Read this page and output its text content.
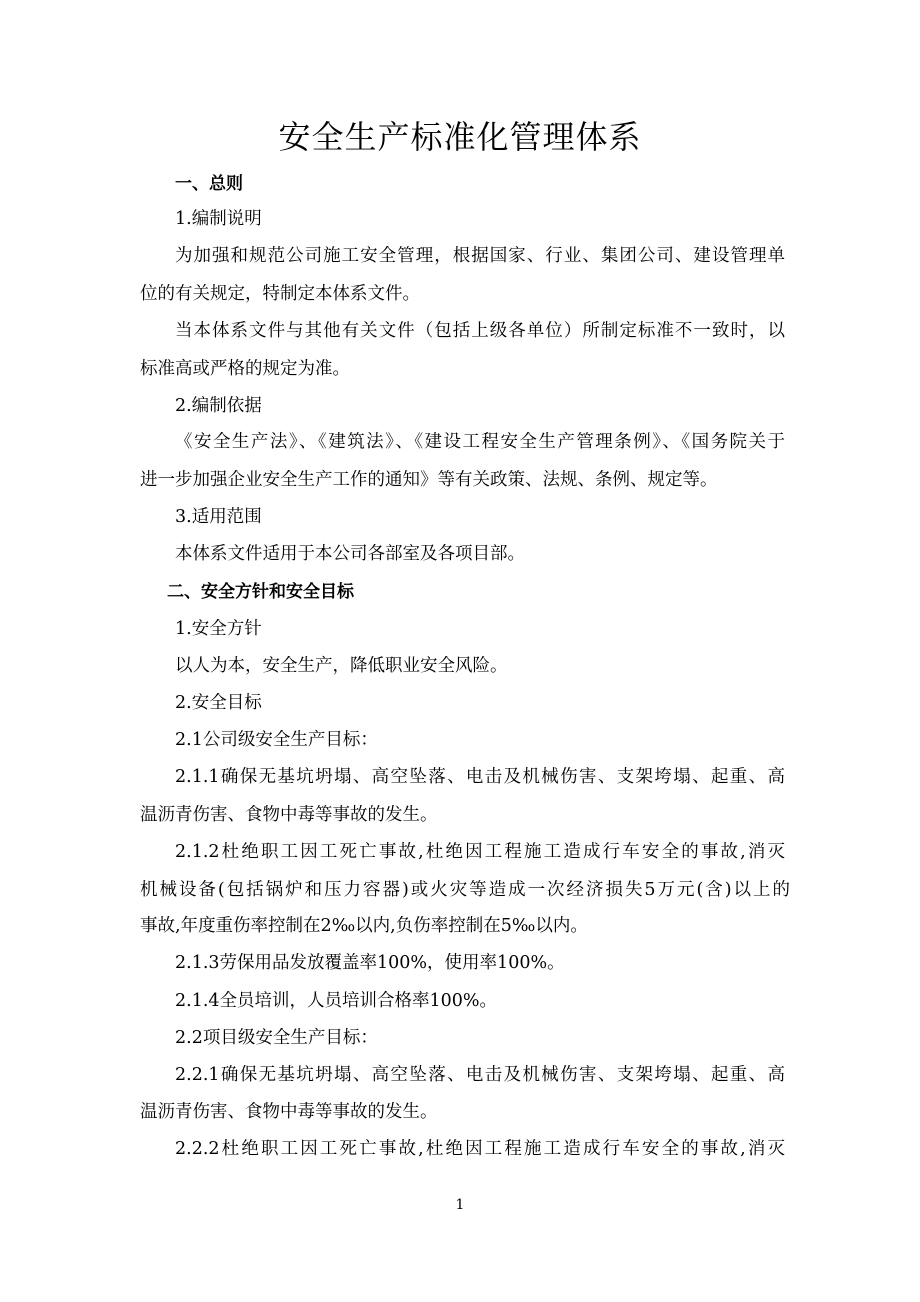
安全生产标准化管理体系
一、总则
1.编制说明
为加强和规范公司施工安全管理，根据国家、行业、集团公司、建设管理单
位的有关规定，特制定本体系文件。
当本体系文件与其他有关文件（包括上级各单位）所制定标准不一致时，以
标准高或严格的规定为准。
2.编制依据
《安全生产法》、《建筑法》、《建设工程安全生产管理条例》、《国务院关于
进一步加强企业安全生产工作的通知》等有关政策、法规、条例、规定等。
3.适用范围
本体系文件适用于本公司各部室及各项目部。
二、安全方针和安全目标
1.安全方针
以人为本，安全生产，降低职业安全风险。
2.安全目标
2.1公司级安全生产目标：
2.1.1确保无基坑坍塌、高空坠落、电击及机械伤害、支架垮塌、起重、高
温沥青伤害、食物中毒等事故的发生。
2.1.2杜绝职工因工死亡事故,杜绝因工程施工造成行车安全的事故,消灭
机械设备(包括锅炉和压力容器)或火灾等造成一次经济损失5万元(含)以上的
事故,年度重伤率控制在2‰以内,负伤率控制在5‰以内。
2.1.3劳保用品发放覆盖率100%，使用率100%。
2.1.4全员培训，人员培训合格率100%。
2.2项目级安全生产目标：
2.2.1确保无基坑坍塌、高空坠落、电击及机械伤害、支架垮塌、起重、高
温沥青伤害、食物中毒等事故的发生。
2.2.2杜绝职工因工死亡事故,杜绝因工程施工造成行车安全的事故,消灭
1
